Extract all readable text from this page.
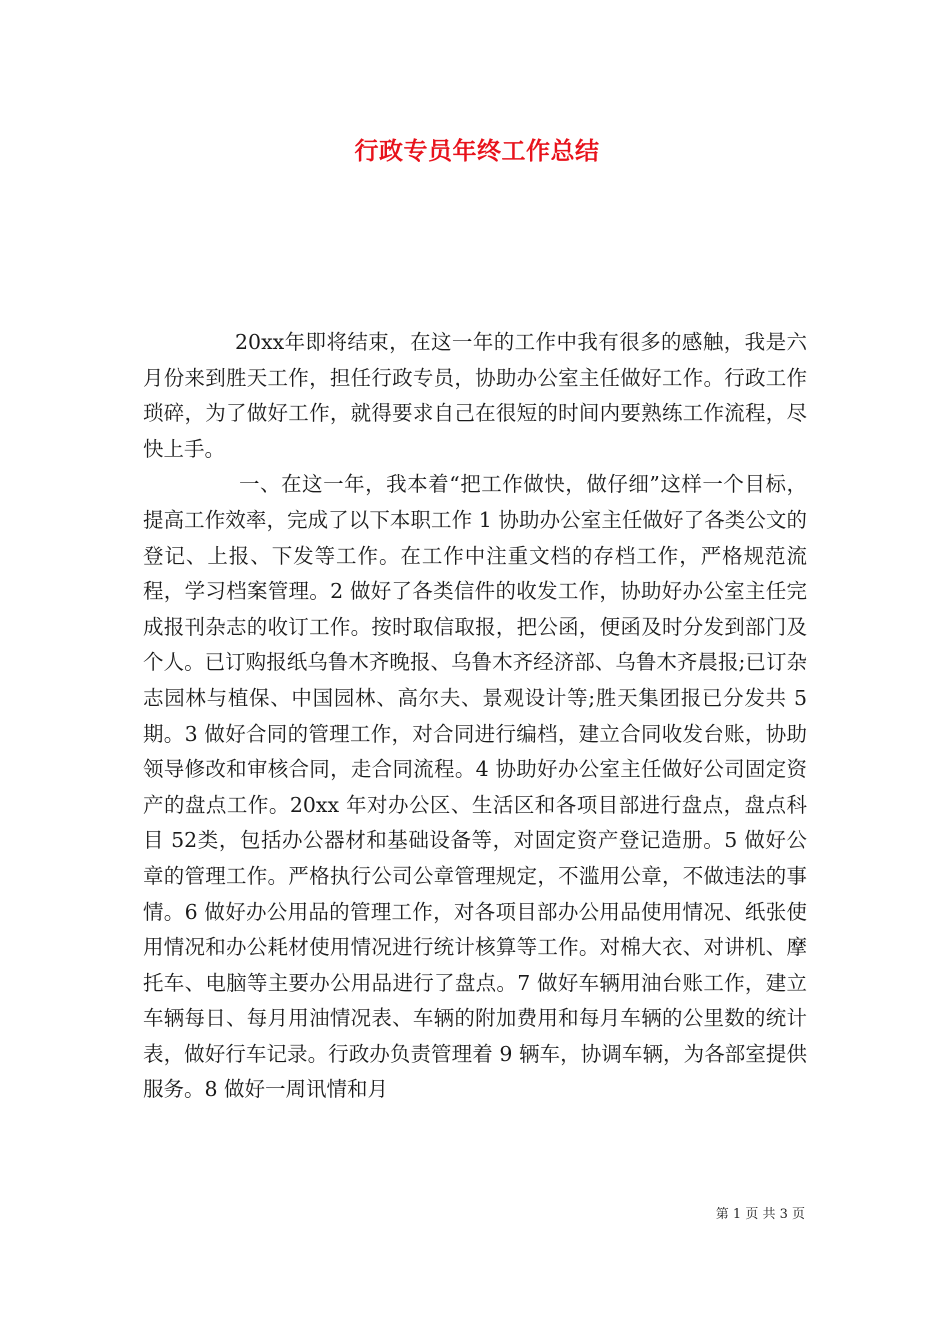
行政专员年终工作总结

20xx年即将结束，在这一年的工作中我有很多的感触，我是六月份来到胜天工作，担任行政专员，协助办公室主任做好工作。行政工作琐碎，为了做好工作，就得要求自己在很短的时间内要熟练工作流程，尽快上手。

一、在这一年，我本着“把工作做快，做仔细”这样一个目标，提高工作效率，完成了以下本职工作 1 协助办公室主任做好了各类公文的登记、上报、下发等工作。在工作中注重文档的存档工作，严格规范流程，学习档案管理。2 做好了各类信件的收发工作，协助好办公室主任完成报刊杂志的收订工作。按时取信取报，把公函，便函及时分发到部门及个人。已订购报纸乌鲁木齐晚报、乌鲁木齐经济部、乌鲁木齐晨报;已订杂志园林与植保、中国园林、高尔夫、景观设计等;胜天集团报已分发共 5 期。3 做好合同的管理工作，对合同进行编档，建立合同收发台账，协助领导修改和审核合同，走合同流程。4 协助好办公室主任做好公司固定资产的盘点工作。20xx 年对办公区、生活区和各项目部进行盘点，盘点科目 52类，包括办公器材和基础设备等，对固定资产登记造册。5 做好公章的管理工作。严格执行公司公章管理规定，不滥用公章，不做违法的事情。6 做好办公用品的管理工作，对各项目部办公用品使用情况、纸张使用情况和办公耗材使用情况进行统计核算等工作。对棉大衣、对讲机、摩托车、电脑等主要办公用品进行了盘点。7 做好车辆用油台账工作，建立车辆每日、每月用油情况表、车辆的附加费用和每月车辆的公里数的统计表，做好行车记录。行政办负责管理着 9 辆车，协调车辆，为各部室提供服务。8 做好一周讯情和月

第 1 页 共 3 页
